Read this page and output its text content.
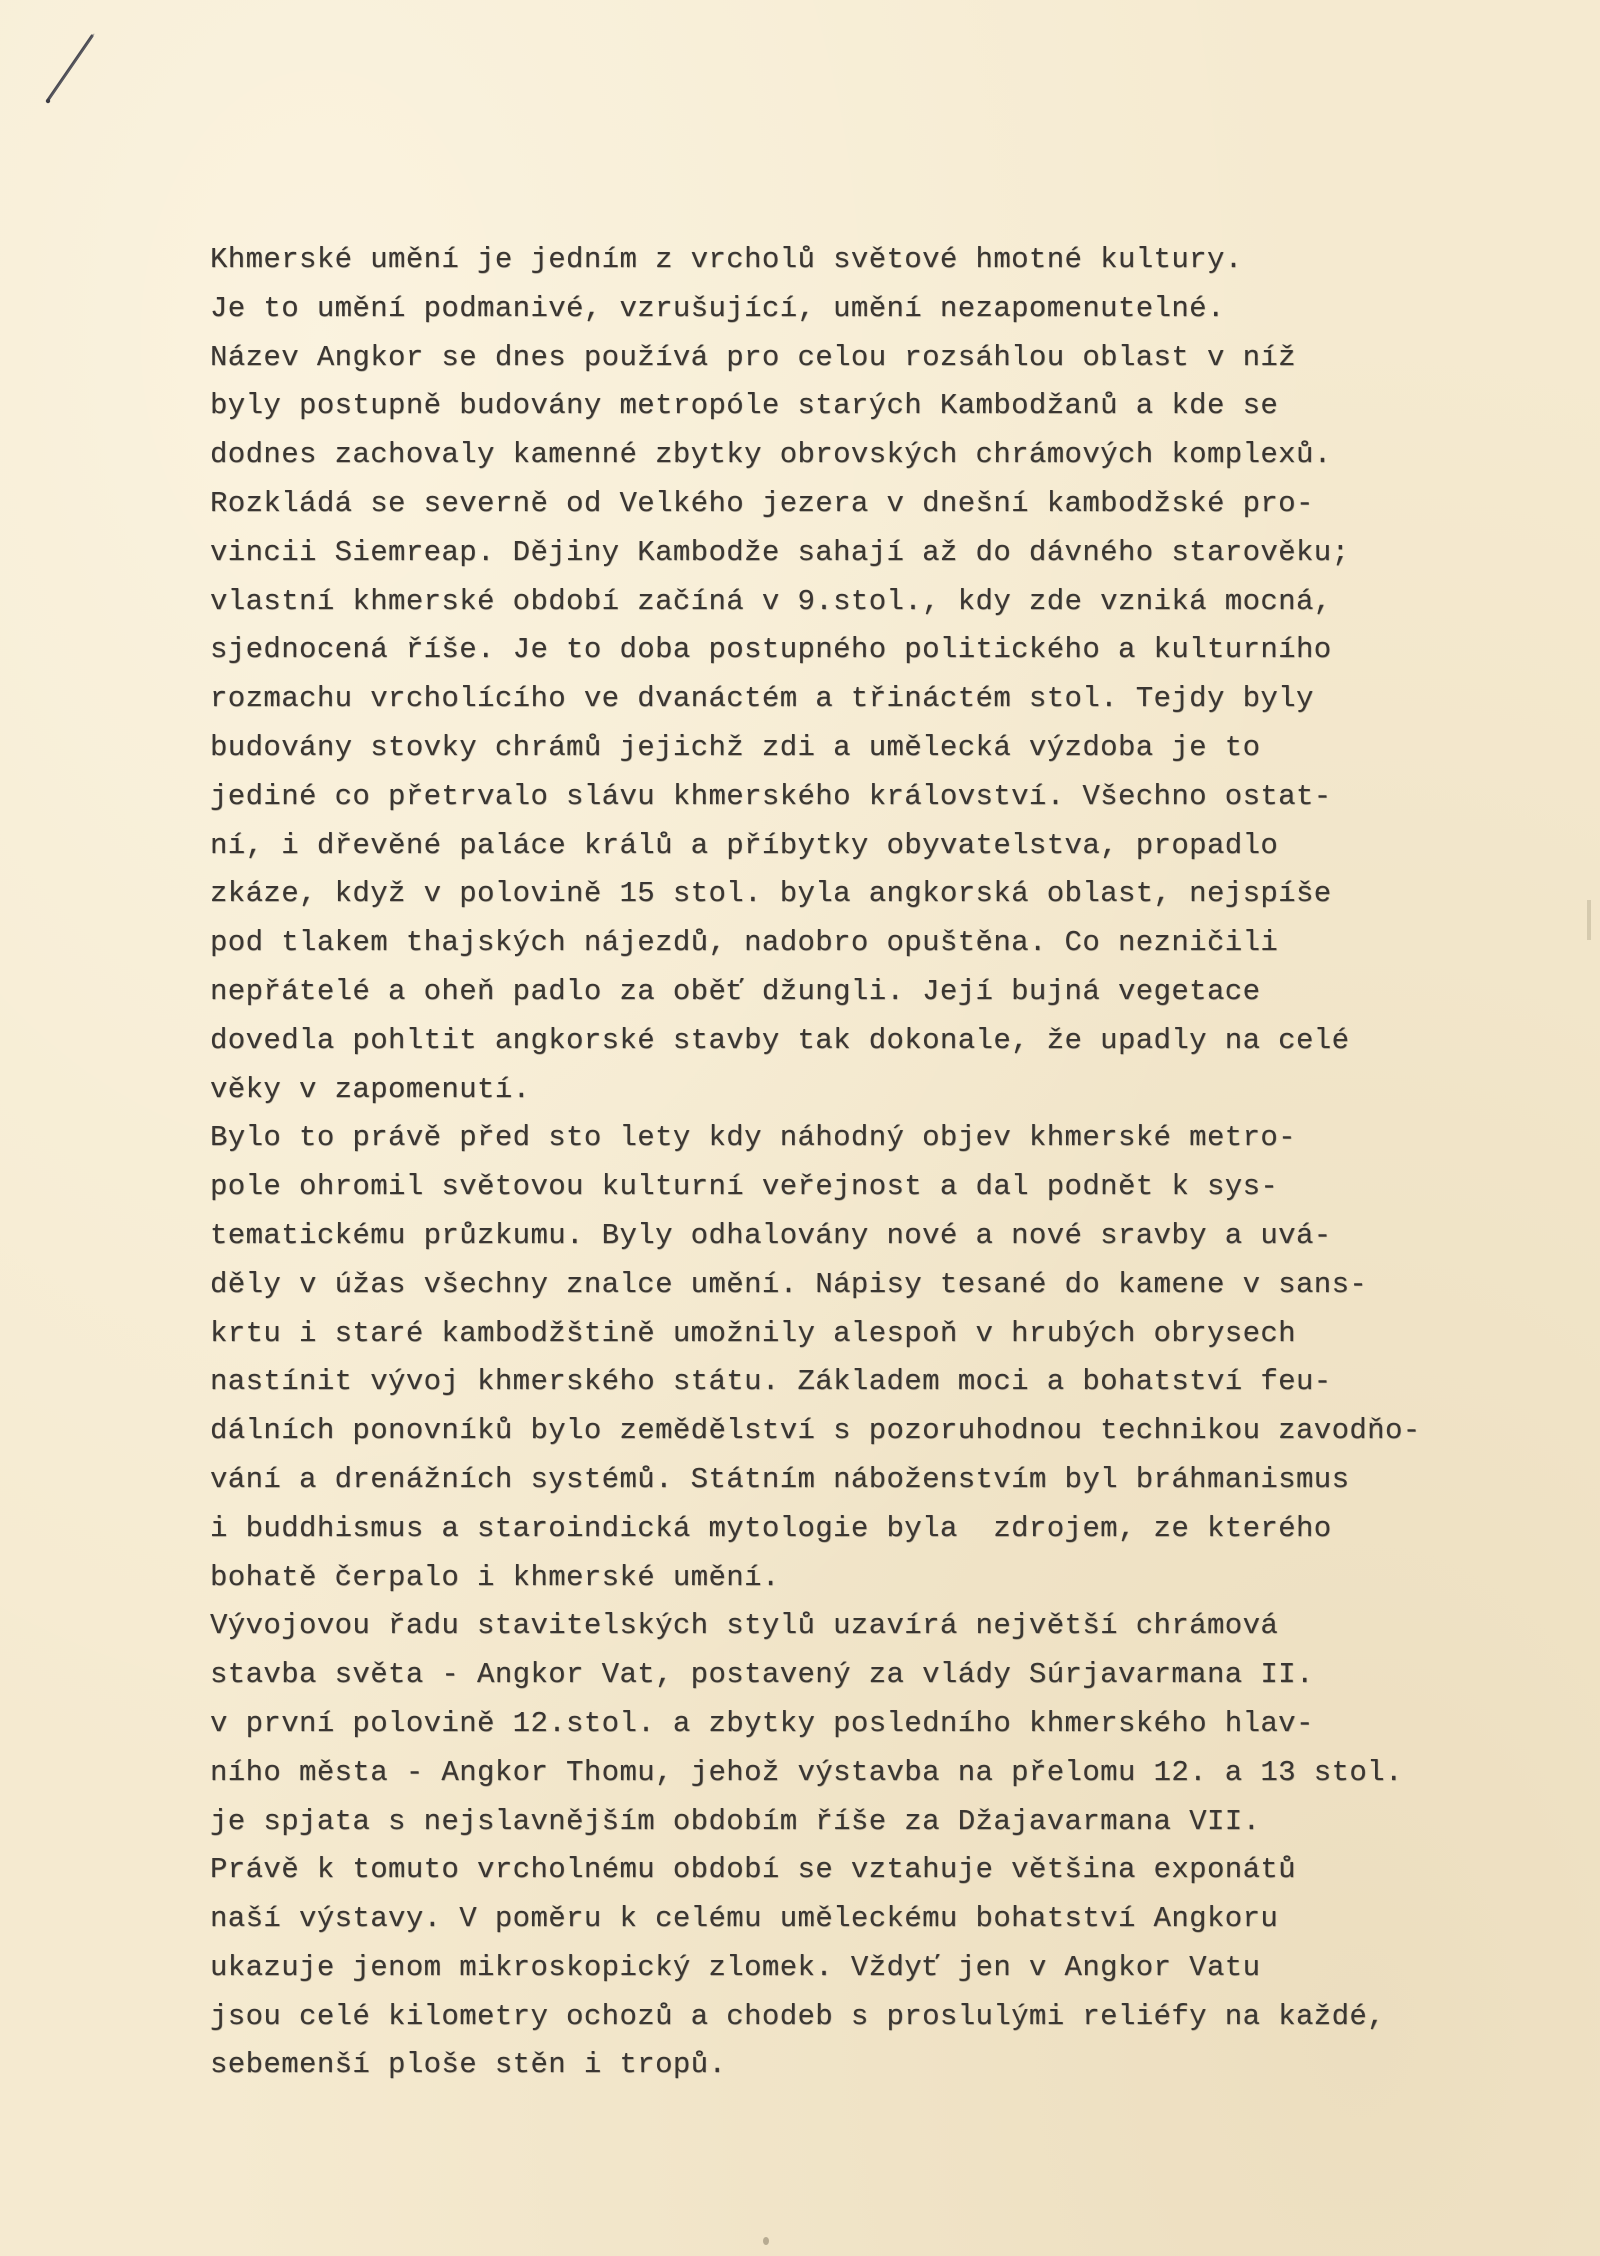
Khmerské umění je jedním z vrcholů světové hmotné kultury.
Je to umění podmanivé, vzrušující, umění nezapomenutelné.
Název Angkor se dnes používá pro celou rozsáhlou oblast v níž
byly postupně budovány metropóle starých Kambodžanů a kde se
dodnes zachovaly kamenné zbytky obrovských chrámových komplexů.
Rozkládá se severně od Velkého jezera v dnešní kambodžské pro-
vincii Siemreap. Dějiny Kambodže sahají až do dávného starověku;
vlastní khmerské období začíná v 9.stol., kdy zde vzniká mocná,
sjednocená říše. Je to doba postupného politického a kulturního
rozmachu vrcholícího ve dvanáctém a třináctém stol. Tejdy byly
budovány stovky chrámů jejichž zdi a umělecká výzdoba je to
jediné co přetrvalo slávu khmerského království. Všechno ostat-
ní, i dřevěné paláce králů a příbytky obyvatelstva, propadlo
zkáze, když v polovině 15 stol. byla angkorská oblast, nejspíše
pod tlakem thajských nájezdů, nadobro opuštěna. Co nezničili
nepřátelé a oheň padlo za oběť džungli. Její bujná vegetace
dovedla pohltit angkorské stavby tak dokonale, že upadly na celé
věky v zapomenutí.
Bylo to právě před sto lety kdy náhodný objev khmerské metro-
pole ohromil světovou kulturní veřejnost a dal podnět k sys-
tematickému průzkumu. Byly odhalovány nové a nové sravby a uvá-
děly v úžas všechny znalce umění. Nápisy tesané do kamene v sans-
krtu i staré kambodžštině umožnily alespoň v hrubých obrysech
nastínit vývoj khmerského státu. Základem moci a bohatství feu-
dálních ponovníků bylo zemědělství s pozoruhodnou technikou zavodňo-
vání a drenážních systémů. Státním náboženstvím byl bráhmanismus
i buddhismus a staroindická mytologie byla  zdrojem, ze kterého
bohatě čerpalo i khmerské umění.
Vývojovou řadu stavitelských stylů uzavírá největší chrámová
stavba světa - Angkor Vat, postavený za vlády Súrjavarmana II.
v první polovině 12.stol. a zbytky posledního khmerského hlav-
ního města - Angkor Thomu, jehož výstavba na přelomu 12. a 13 stol.
je spjata s nejslavnějším obdobím říše za Džajavarmana VII.
Právě k tomuto vrcholnému období se vztahuje většina exponátů
naší výstavy. V poměru k celému uměleckému bohatství Angkoru
ukazuje jenom mikroskopický zlomek. Vždyť jen v Angkor Vatu
jsou celé kilometry ochozů a chodeb s proslulými reliéfy na každé,
sebemenší ploše stěn i tropů.
